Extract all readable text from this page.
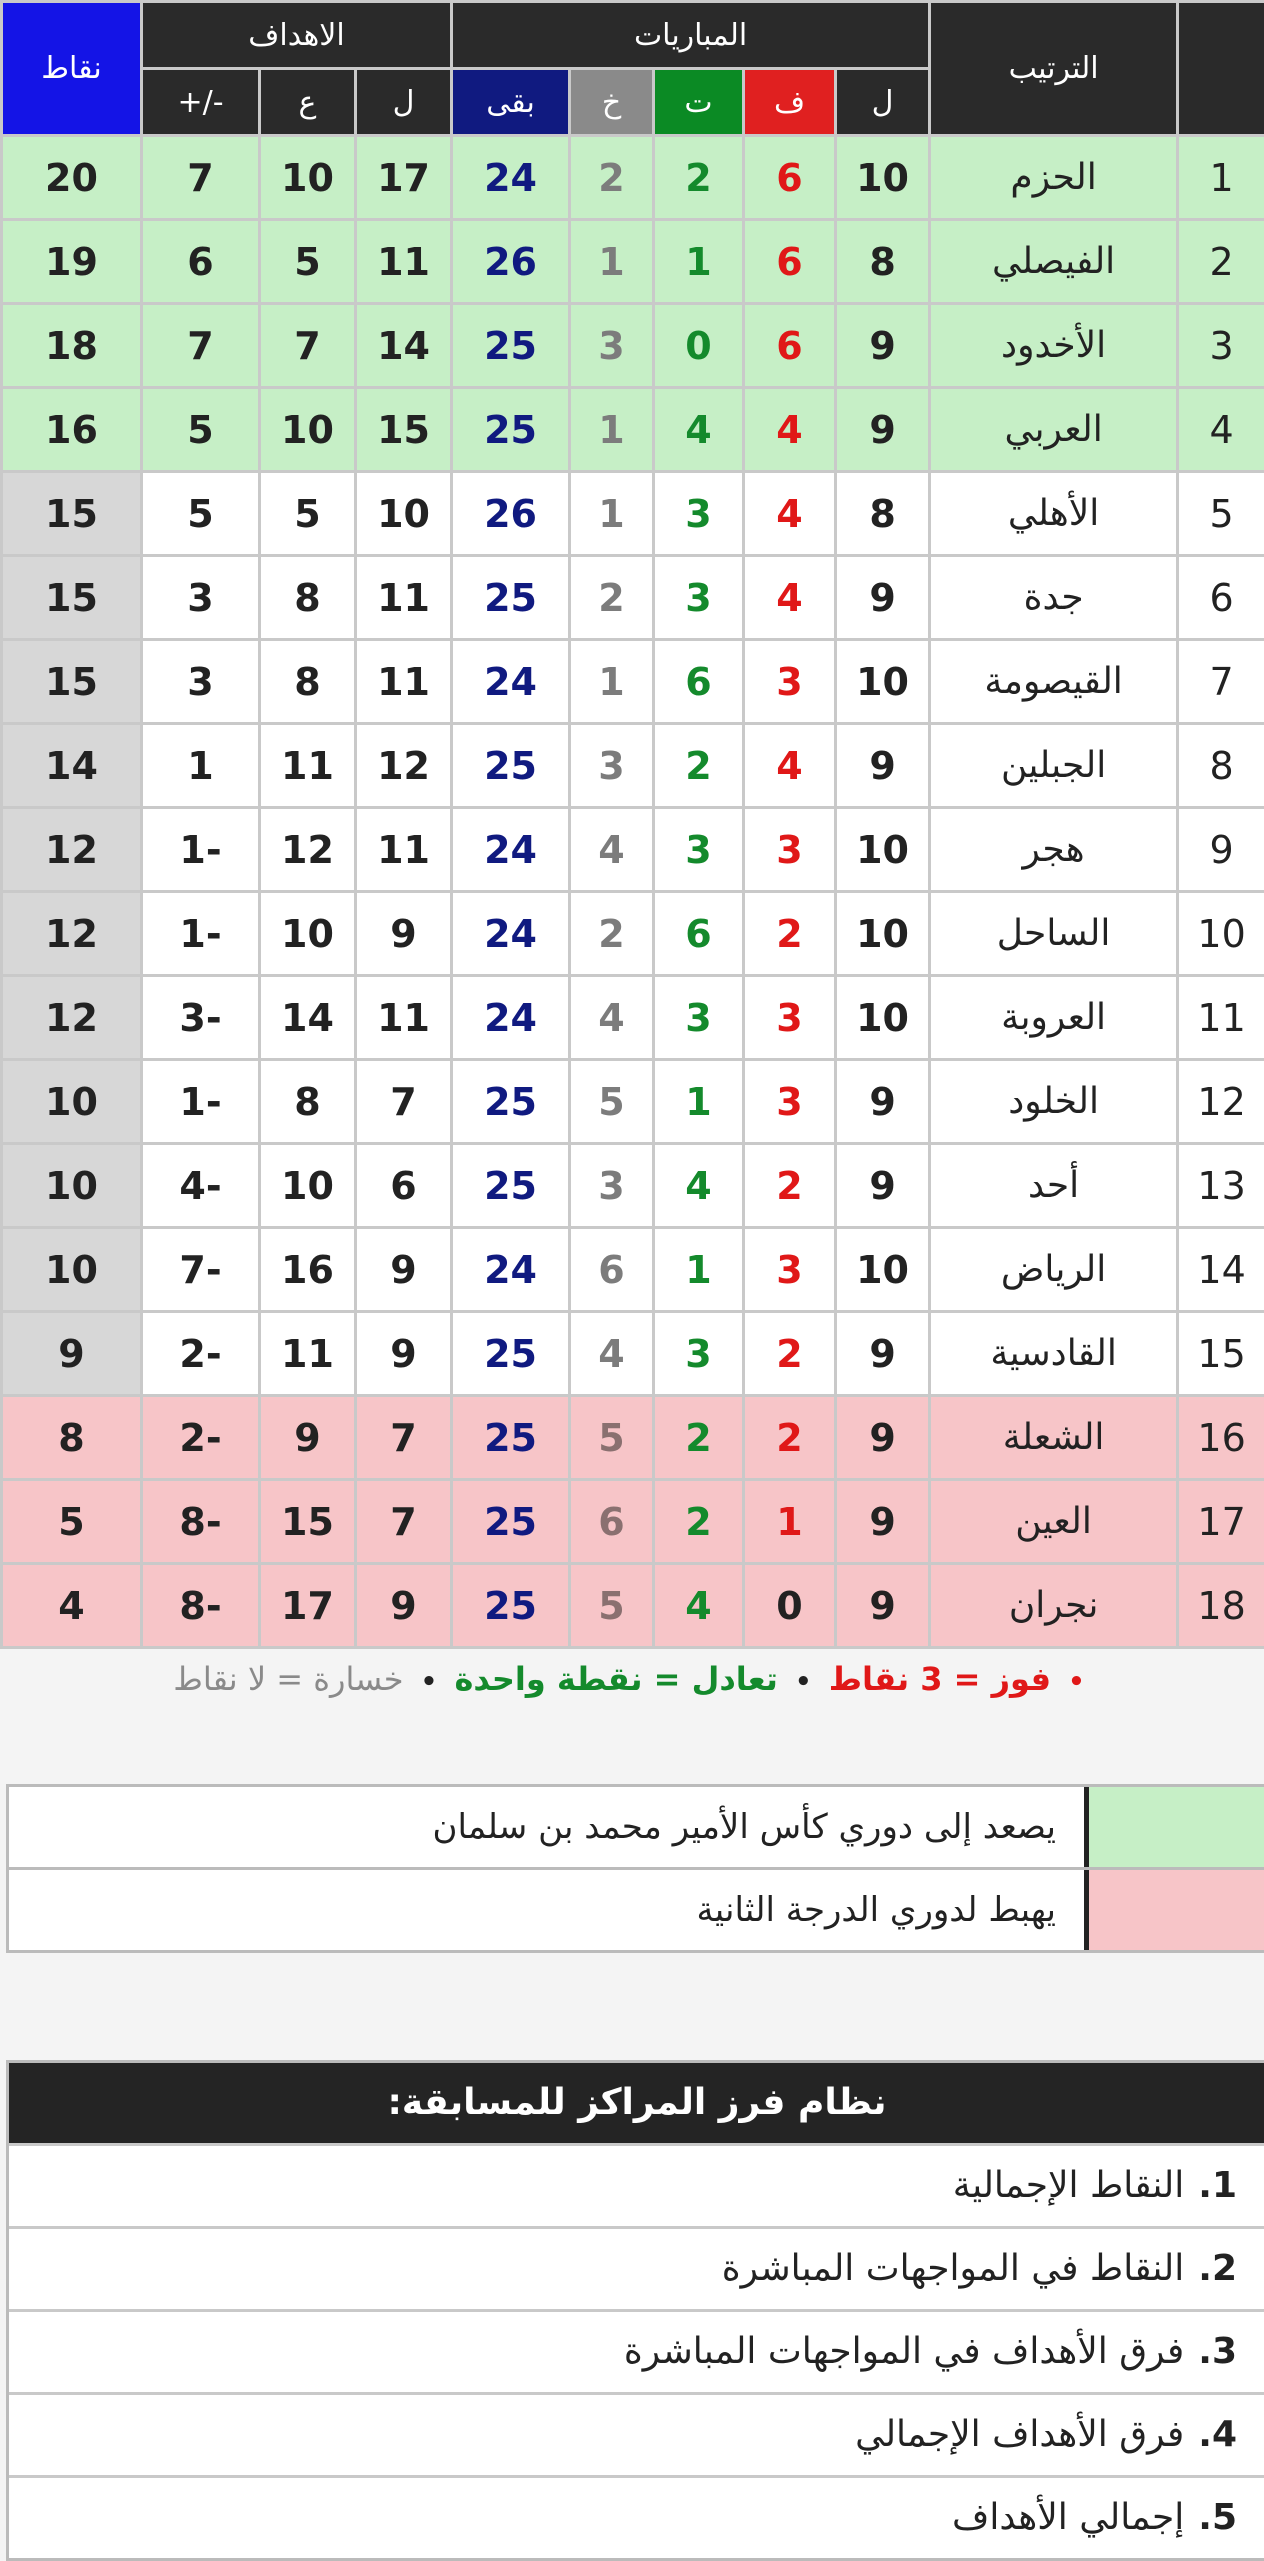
نقاط	الاهداف			المباريات					الترتيب	
	+/-	ع	ل	بقى	خ	ت	ف	ل		
20	7	10	17	24	2	2	6	10	الحزم	1
19	6	5	11	26	1	1	6	8	الفيصلي	2
18	7	7	14	25	3	0	6	9	الأخدود	3
16	5	10	15	25	1	4	4	9	العربي	4
15	5	5	10	26	1	3	4	8	الأهلي	5
15	3	8	11	25	2	3	4	9	جدة	6
15	3	8	11	24	1	6	3	10	القيصومة	7
14	1	11	12	25	3	2	4	9	الجبلين	8
12	1-	12	11	24	4	3	3	10	هجر	9
12	1-	10	9	24	2	6	2	10	الساحل	10
12	3-	14	11	24	4	3	3	10	العروبة	11
10	1-	8	7	25	5	1	3	9	الخلود	12
10	4-	10	6	25	3	4	2	9	أحد	13
10	7-	16	9	24	6	1	3	10	الرياض	14
9	2-	11	9	25	4	3	2	9	القادسية	15
8	2-	9	7	25	5	2	2	9	الشعلة	16
5	8-	15	7	25	6	2	1	9	العين	17
4	8-	17	9	25	5	4	0	9	نجران	18
• فوز = 3 نقاط • تعادل = نقطة واحدة • خسارة = لا نقاط
يصعد إلى دوري كأس الأمير محمد بن سلمان
يهبط لدوري الدرجة الثانية
نظام فرز المراكز للمسابقة:
1.النقاط الإجمالية
2.النقاط في المواجهات المباشرة
3.فرق الأهداف في المواجهات المباشرة
4.فرق الأهداف الإجمالي
5.إجمالي الأهداف
